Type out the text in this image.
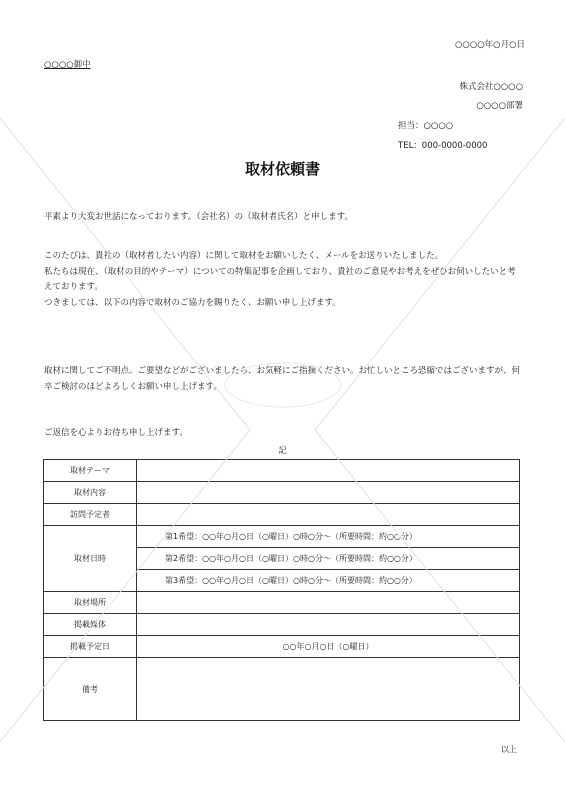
○○○○年○月○日
○○○○御中
株式会社○○○○
○○○○部署
担当：○○○○
TEL：000-0000-0000
取材依頼書

平素より大変お世話になっております。（会社名）の（取材者氏名）と申します。

このたびは、貴社の（取材者したい内容）に関して取材をお願いしたく、メールをお送りいたしました。

私たちは現在、（取材の目的やテーマ）についての特集記事を企画しており、貴社のご意見やお考えをぜひお伺いしたいと考えております。

つきましては、以下の内容で取材のご協力を賜りたく、お願い申し上げます。

取材に関してご不明点、ご要望などがございましたら、お気軽にご指摘ください。お忙しいところ恐縮ではございますが、何卒ご検討のほどよろしくお願い申し上げます。

ご返信を心よりお待ち申し上げます。

記
取材テーマ	
取材内容	
訪問予定者	
取材日時	第1希望：○○年○月○日（○曜日）○時○分～（所要時間：約○○分）
	第2希望：○○年○月○日（○曜日）○時○分～（所要時間：約○○分）
	第3希望：○○年○月○日（○曜日）○時○分～（所要時間：約○○分）
取材場所	
掲載媒体	
掲載予定日	○○年○月○日（○曜日）
備考	
以上
